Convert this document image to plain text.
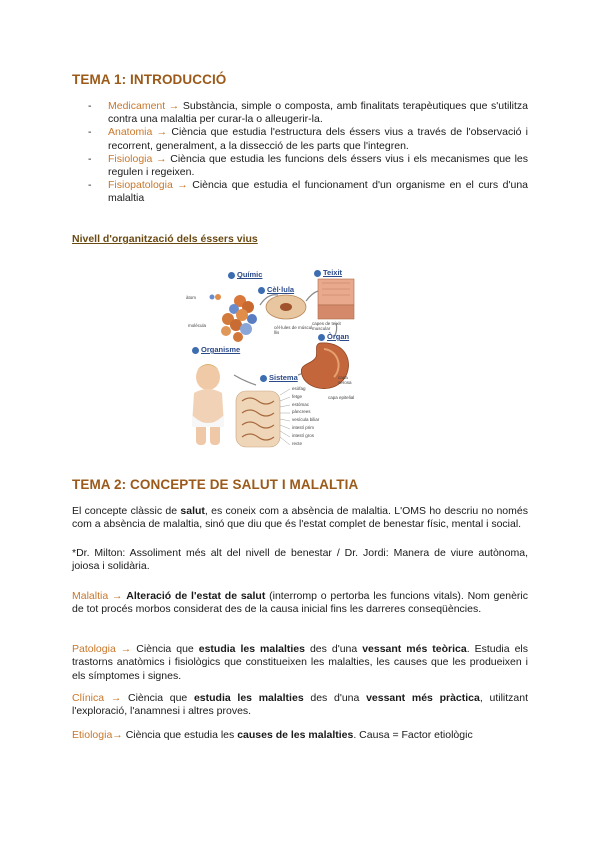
TEMA 1: INTRODUCCIÓ
- Medicament → Substància, simple o composta, amb finalitats terapèutiques que s'utilitza contra una malaltia per curar-la o alleugerir-la.
- Anatomia → Ciència que estudia l'estructura dels éssers vius a través de l'observació i recorrent, generalment, a la dissecció de les parts que l'integren.
- Fisiologia → Ciència que estudia les funcions dels éssers vius i els mecanismes que les regulen i regeixen.
- Fisiopatologia → Ciència que estudia el funcionament d'un organisme en el curs d'una malaltia
Nivell d'organització dels éssers vius
Químic	Teixit
Cèl·lula
Òrgan
Organisme
Sistema
àtom
molècula	cèl·lules de múscul llis
capes de teixit muscular
capa epitelial
capa serosa
esòfag
fetge
estómac
pàncrees
vesícula biliar
intestí prim
intestí gros
recte
TEMA 2: CONCEPTE DE SALUT I MALALTIA
El concepte clàssic de salut, es coneix com a absència de malaltia. L'OMS ho descriu no només com a absència de malaltia, sinó que diu que és l'estat complet de benestar físic, mental i social.
*Dr. Milton: Assoliment més alt del nivell de benestar / Dr. Jordi: Manera de viure autònoma, joiosa i solidària.
Malaltia → Alteració de l'estat de salut (interromp o pertorba les funcions vitals). Nom genèric de tot procés morbos considerat des de la causa inicial fins les darreres conseqüències.
Patologia → Ciència que estudia les malalties des d'una vessant més teòrica. Estudia els trastorns anatòmics i fisiològics que constitueixen les malalties, les causes que les produeixen i els símptomes i signes.
Clínica → Ciència que estudia les malalties des d'una vessant més pràctica, utilitzant l'exploració, l'anamnesi i altres proves.
Etiologia→ Ciència que estudia les causes de les malalties. Causa = Factor etiològic
